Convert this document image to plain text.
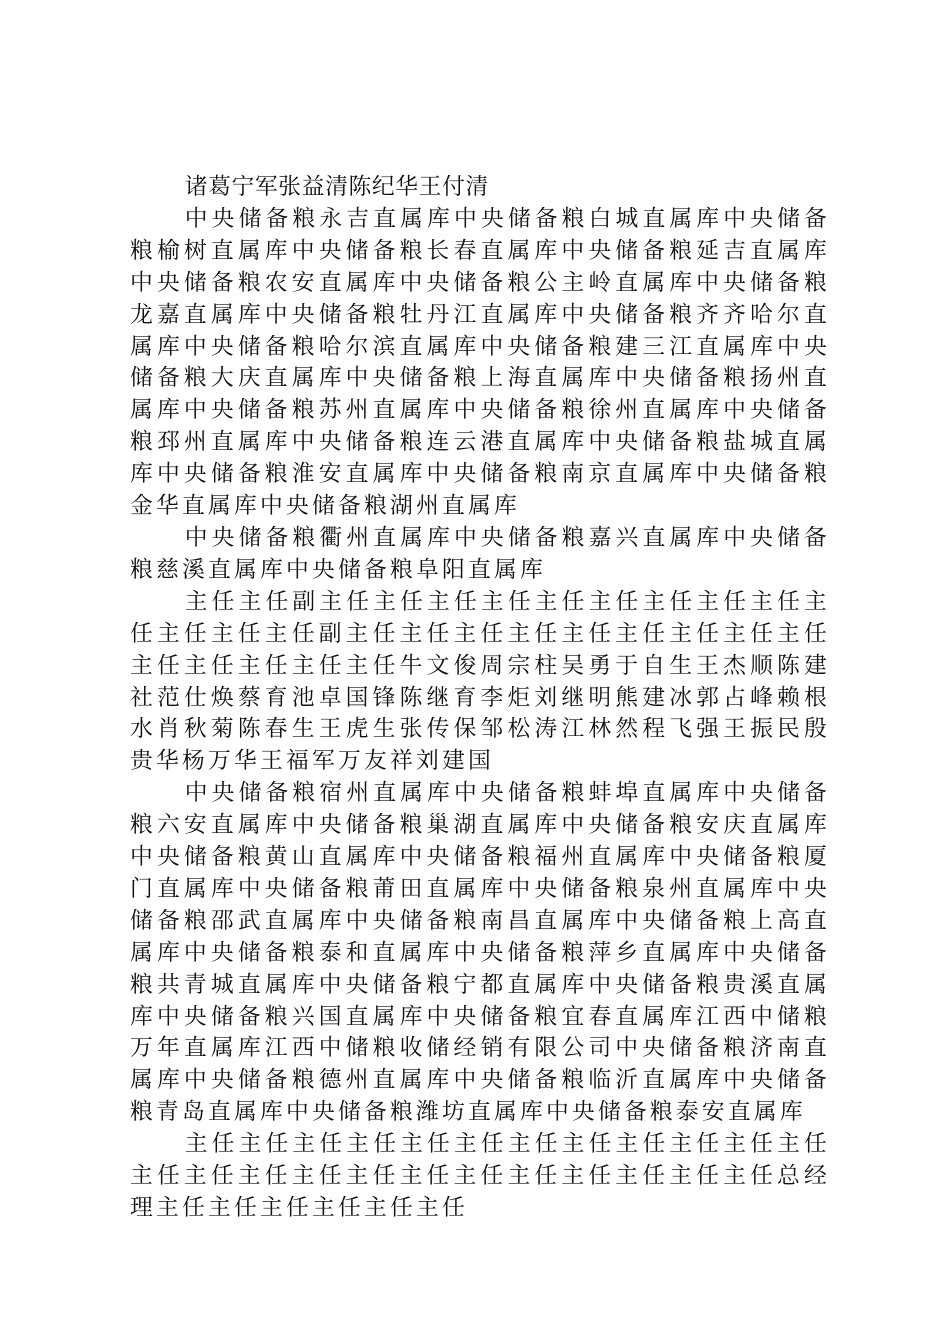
诸葛宁军张益清陈纪华王付清

中央储备粮永吉直属库中央储备粮白城直属库中央储备粮榆树直属库中央储备粮长春直属库中央储备粮延吉直属库中央储备粮农安直属库中央储备粮公主岭直属库中央储备粮龙嘉直属库中央储备粮牡丹江直属库中央储备粮齐齐哈尔直属库中央储备粮哈尔滨直属库中央储备粮建三江直属库中央储备粮大庆直属库中央储备粮上海直属库中央储备粮扬州直属库中央储备粮苏州直属库中央储备粮徐州直属库中央储备粮邳州直属库中央储备粮连云港直属库中央储备粮盐城直属库中央储备粮淮安直属库中央储备粮南京直属库中央储备粮金华直属库中央储备粮湖州直属库

中央储备粮衢州直属库中央储备粮嘉兴直属库中央储备粮慈溪直属库中央储备粮阜阳直属库

主任主任副主任主任主任主任主任主任主任主任主任主任主任主任主任副主任主任主任主任主任主任主任主任主任主任主任主任主任主任牛文俊周宗柱吴勇于自生王杰顺陈建社范仕焕蔡育池卓国锋陈继育李炬刘继明熊建冰郭占峰赖根水肖秋菊陈春生王虎生张传保邹松涛江林然程飞强王振民殷贵华杨万华王福军万友祥刘建国

中央储备粮宿州直属库中央储备粮蚌埠直属库中央储备粮六安直属库中央储备粮巢湖直属库中央储备粮安庆直属库中央储备粮黄山直属库中央储备粮福州直属库中央储备粮厦门直属库中央储备粮莆田直属库中央储备粮泉州直属库中央储备粮邵武直属库中央储备粮南昌直属库中央储备粮上高直属库中央储备粮泰和直属库中央储备粮萍乡直属库中央储备粮共青城直属库中央储备粮宁都直属库中央储备粮贵溪直属库中央储备粮兴国直属库中央储备粮宜春直属库江西中储粮万年直属库江西中储粮收储经销有限公司中央储备粮济南直属库中央储备粮德州直属库中央储备粮临沂直属库中央储备粮青岛直属库中央储备粮潍坊直属库中央储备粮泰安直属库

主任主任主任主任主任主任主任主任主任主任主任主任主任主任主任主任主任主任主任主任主任主任主任主任总经理主任主任主任主任主任主任
